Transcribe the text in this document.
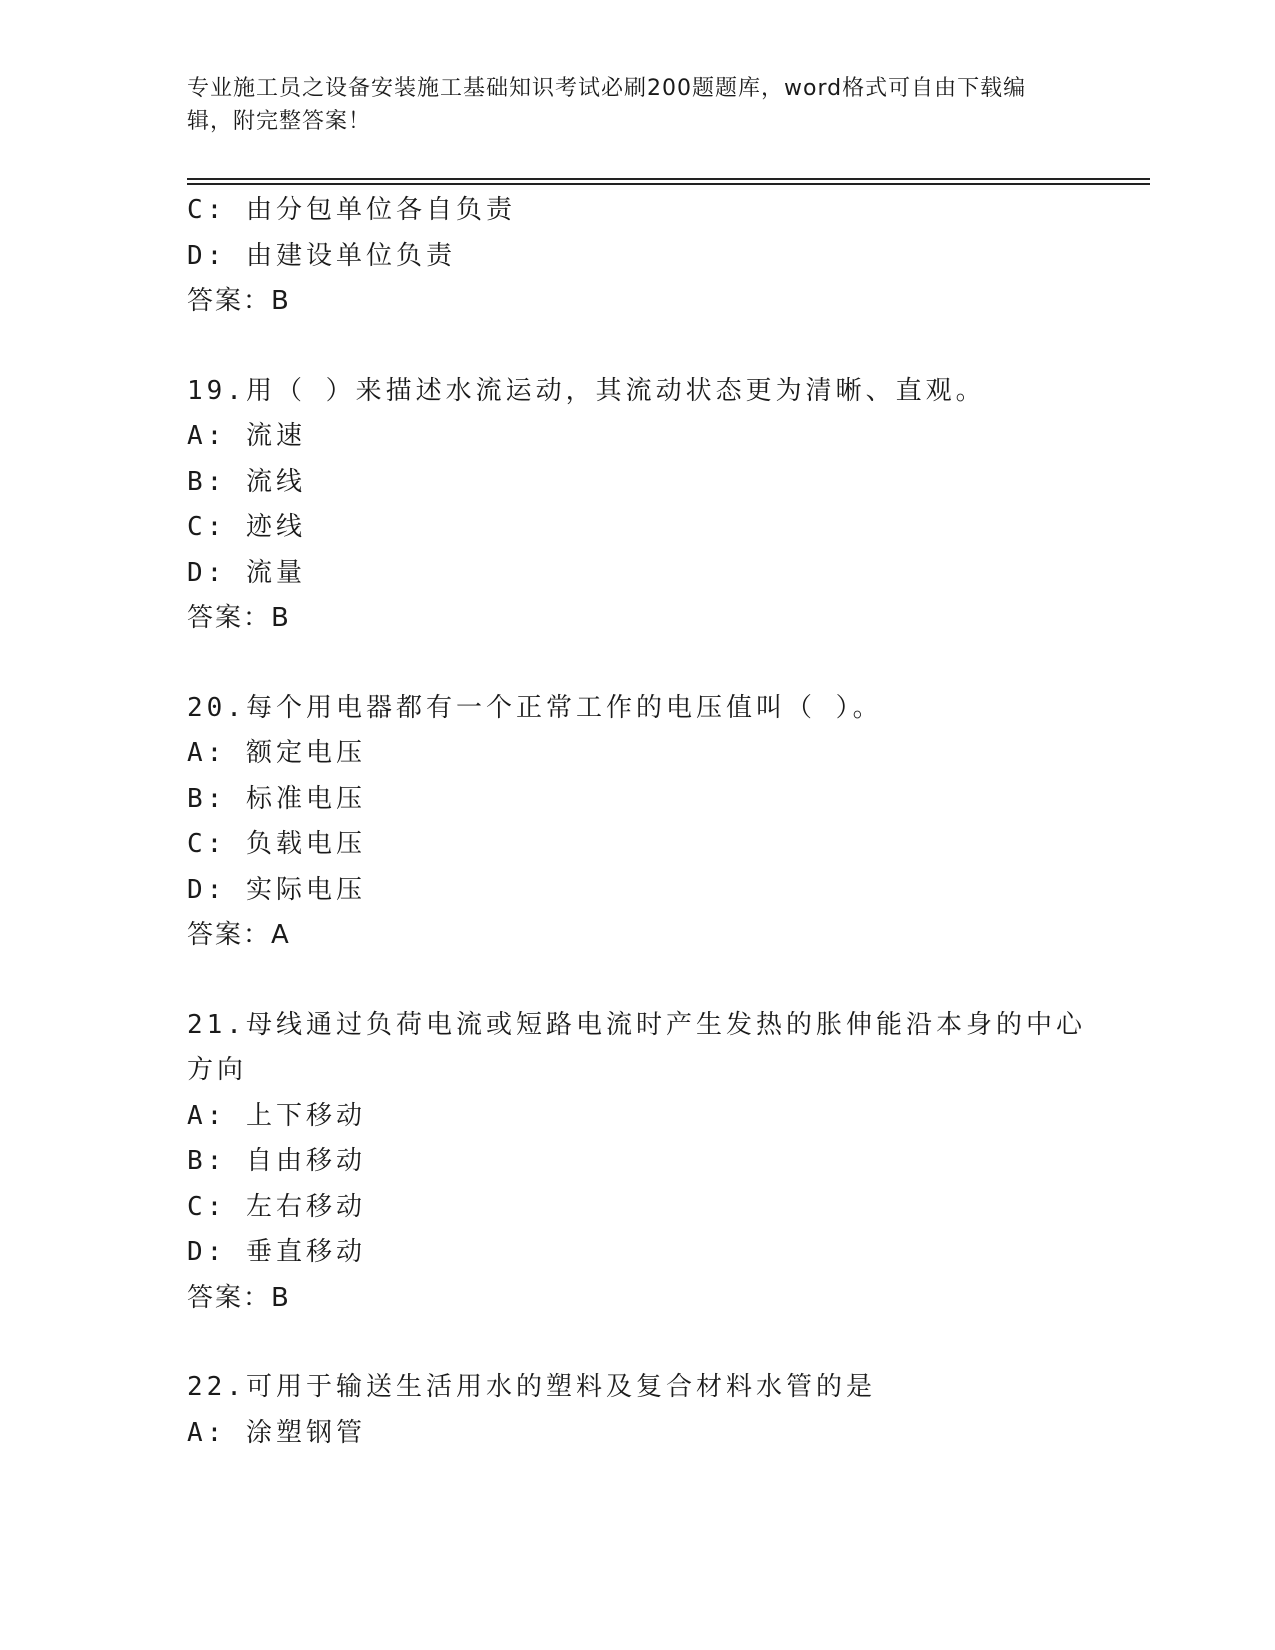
专业施工员之设备安装施工基础知识考试必刷200题题库，word格式可自由下载编辑，附完整答案！
C: 由分包单位各自负责
D: 由建设单位负责
答案：B
19.用（ ）来描述水流运动，其流动状态更为清晰、直观。
A: 流速
B: 流线
C: 迹线
D: 流量
答案：B
20.每个用电器都有一个正常工作的电压值叫（ ）。
A: 额定电压
B: 标准电压
C: 负载电压
D: 实际电压
答案：A
21.母线通过负荷电流或短路电流时产生发热的胀伸能沿本身的中心方向
A: 上下移动
B: 自由移动
C: 左右移动
D: 垂直移动
答案：B
22.可用于输送生活用水的塑料及复合材料水管的是
A: 涂塑钢管
